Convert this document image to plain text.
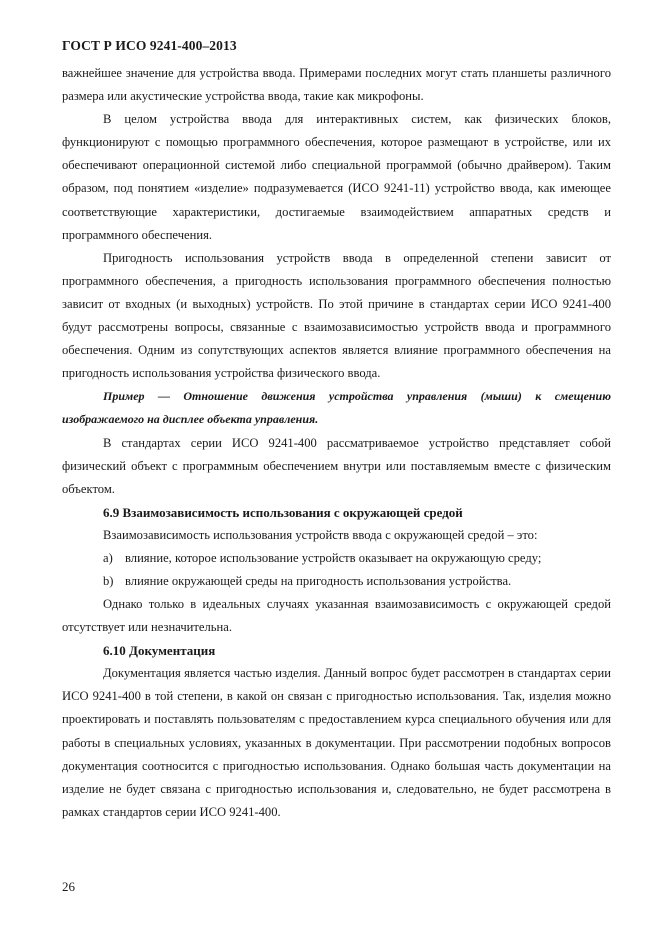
ГОСТ Р ИСО 9241-400–2013

важнейшее значение для устройства ввода. Примерами последних могут стать планшеты различного размера или акустические устройства ввода, такие как микрофоны.

В целом устройства ввода для интерактивных систем, как физических блоков, функционируют с помощью программного обеспечения, которое размещают в устройстве, или их обеспечивают операционной системой либо специальной программой (обычно драйвером). Таким образом, под понятием «изделие» подразумевается (ИСО 9241-11) устройство ввода, как имеющее соответствующие характеристики, достигаемые взаимодействием аппаратных средств и программного обеспечения.

Пригодность использования устройств ввода в определенной степени зависит от программного обеспечения, а пригодность использования программного обеспечения полностью зависит от входных (и выходных) устройств. По этой причине в стандартах серии ИСО 9241-400 будут рассмотрены вопросы, связанные с взаимозависимостью устройств ввода и программного обеспечения. Одним из сопутствующих аспектов является влияние программного обеспечения на пригодность использования устройства физического ввода.

Пример — Отношение движения устройства управления (мыши) к смещению изображаемого на дисплее объекта управления.

В стандартах серии ИСО 9241-400 рассматриваемое устройство представляет собой физический объект с программным обеспечением внутри или поставляемым вместе с физическим объектом.

6.9 Взаимозависимость использования с окружающей средой

Взаимозависимость использования устройств ввода с окружающей средой – это:

a) влияние, которое использование устройств оказывает на окружающую среду;
b) влияние окружающей среды на пригодность использования устройства.

Однако только в идеальных случаях указанная взаимозависимость с окружающей средой отсутствует или незначительна.

6.10 Документация

Документация является частью изделия. Данный вопрос будет рассмотрен в стандартах серии ИСО 9241-400 в той степени, в какой он связан с пригодностью использования. Так, изделия можно проектировать и поставлять пользователям с предоставлением курса специального обучения или для работы в специальных условиях, указанных в документации. При рассмотрении подобных вопросов документация соотносится с пригодностью использования. Однако большая часть документации на изделие не будет связана с пригодностью использования и, следовательно, не будет рассмотрена в рамках стандартов серии ИСО 9241-400.

26
